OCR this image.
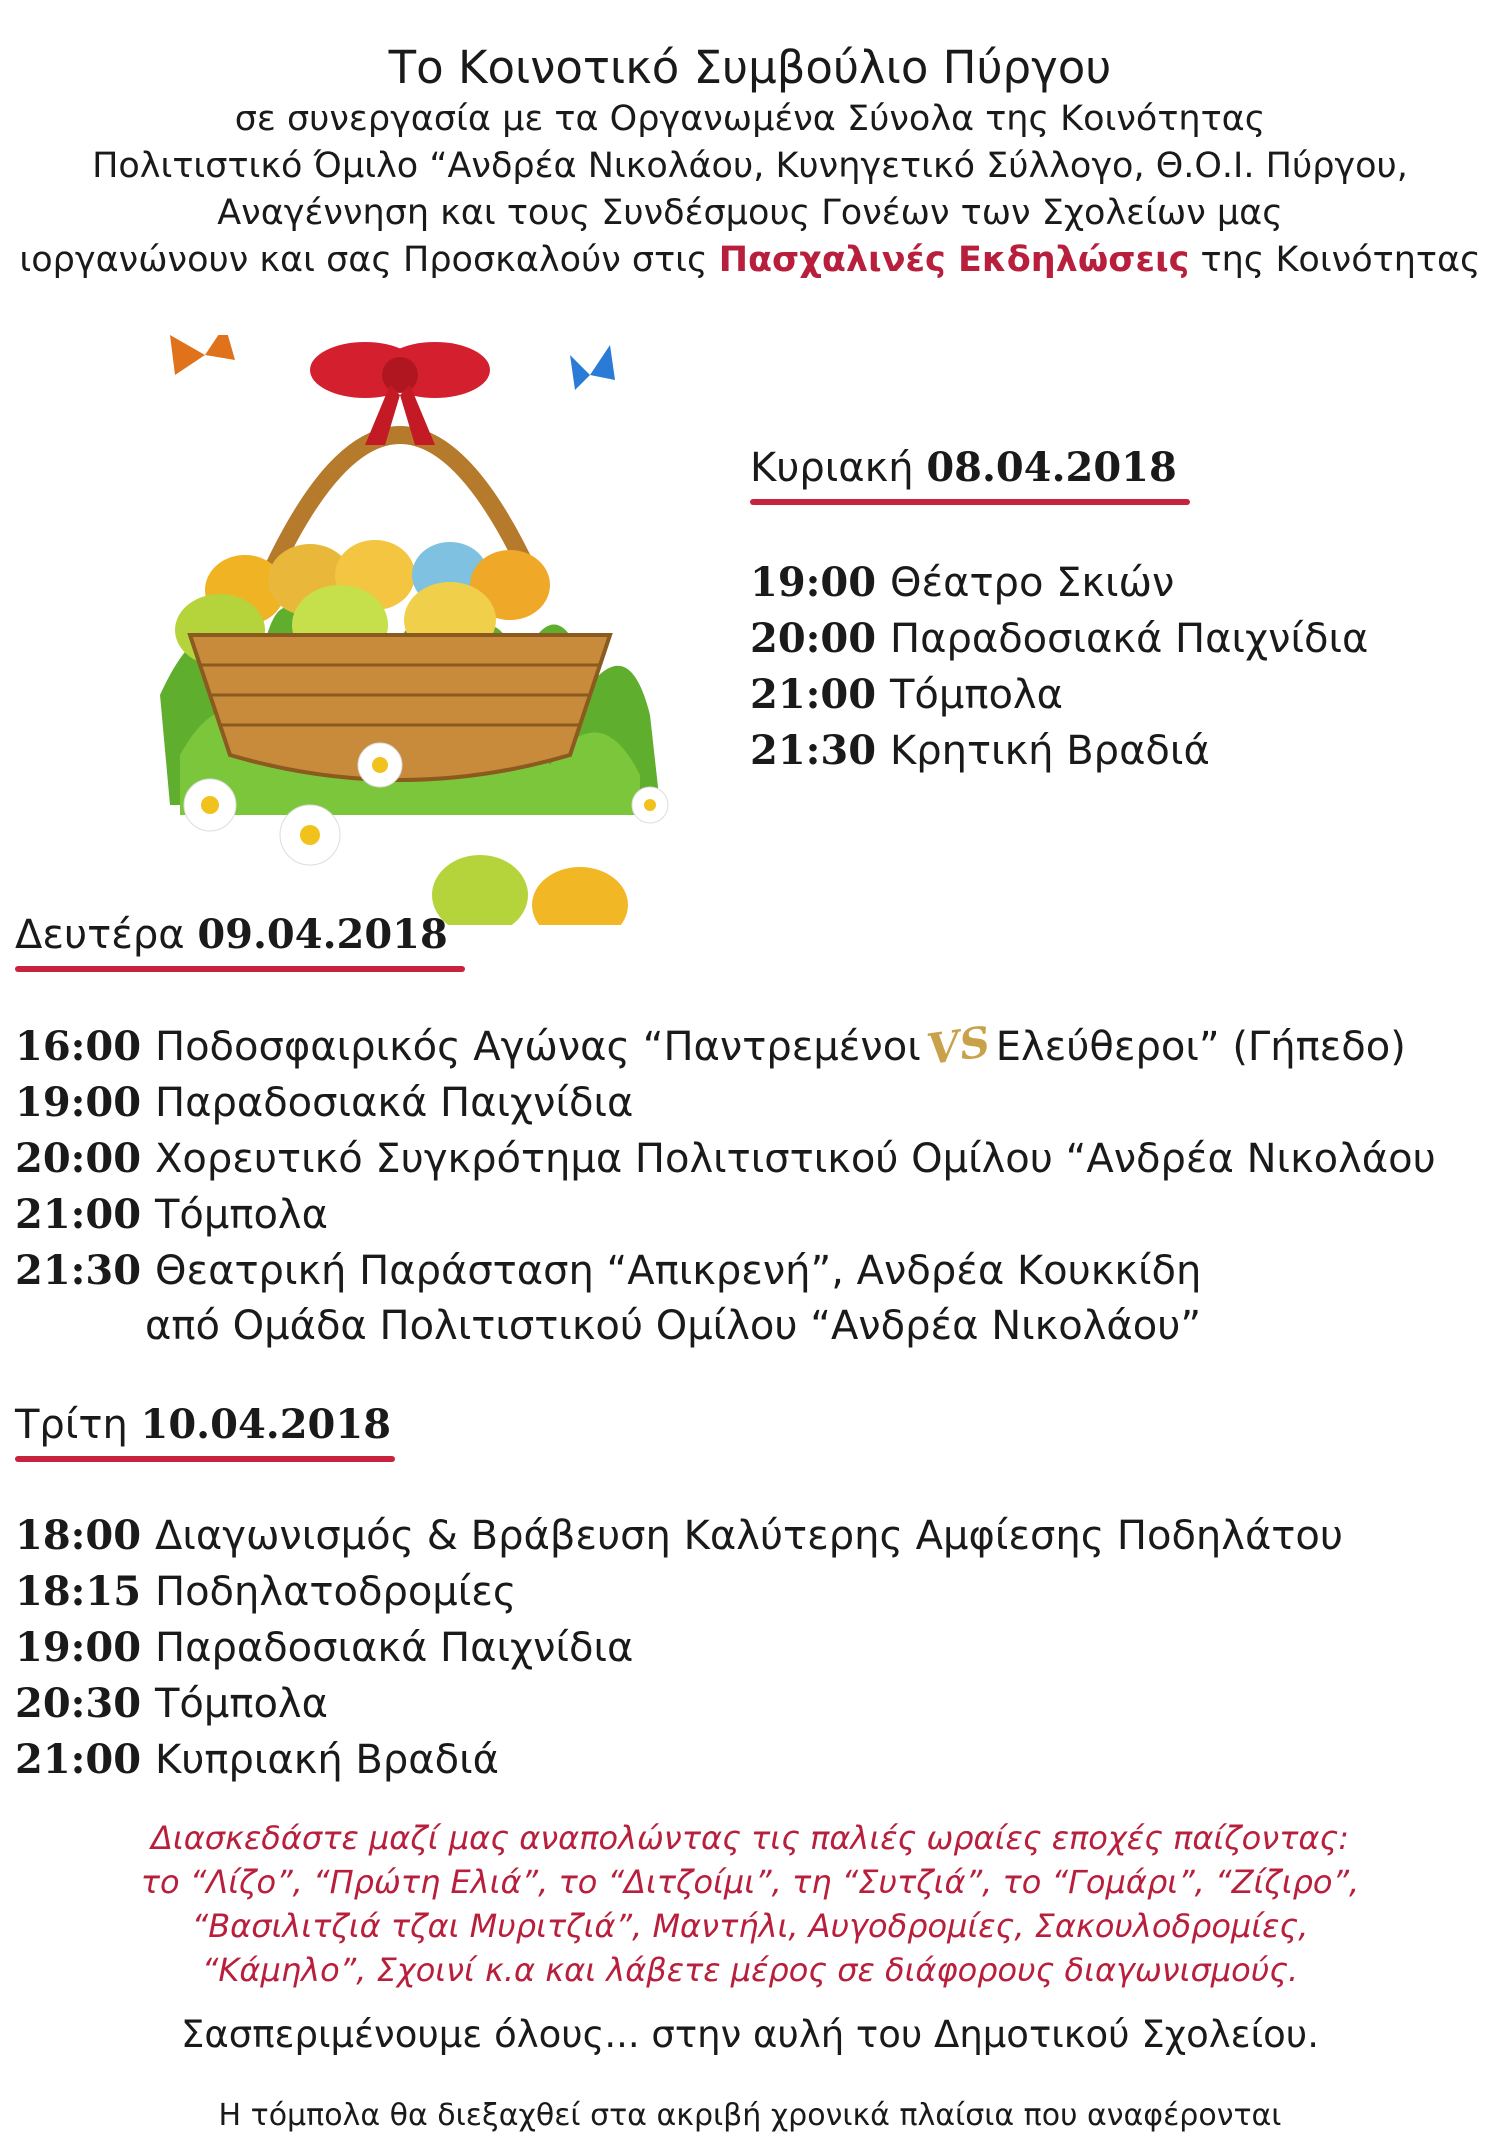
Το Κοινοτικό Συμβούλιο Πύργου
σε συνεργασία με τα Οργανωμένα Σύνολα της Κοινότητας
Πολιτιστικό Όμιλο “Ανδρέα Νικολάου, Κυνηγετικό Σύλλογο, Θ.Ο.Ι. Πύργου,
Αναγέννηση και τους Συνδέσμους Γονέων των Σχολείων μας
ιοργανώνουν και σας Προσκαλούν στις Πασχαλινές Εκδηλώσεις της Κοινότητας
Κυριακή 08.04.2018
19:00 Θέατρο Σκιών
20:00 Παραδοσιακά Παιχνίδια
21:00 Τόμπολα
21:30 Κρητική Βραδιά
Δευτέρα 09.04.2018
16:00 Ποδοσφαιρικός Αγώνας “ΠαντρεμένοιVSΕλεύθεροι” (Γήπεδο)
19:00 Παραδοσιακά Παιχνίδια
20:00 Χορευτικό Συγκρότημα Πολιτιστικού Ομίλου “Ανδρέα Νικολάου
21:00 Τόμπολα
21:30 Θεατρική Παράσταση “Απικρενή”, Ανδρέα Κουκκίδη
από Ομάδα Πολιτιστικού Ομίλου “Ανδρέα Νικολάου”
Τρίτη 10.04.2018
18:00 Διαγωνισμός & Βράβευση Καλύτερης Αμφίεσης Ποδηλάτου
18:15 Ποδηλατοδρομίες
19:00 Παραδοσιακά Παιχνίδια
20:30 Τόμπολα
21:00 Κυπριακή Βραδιά
Διασκεδάστε μαζί μας αναπολώντας τις παλιές ωραίες εποχές παίζοντας:
το “Λίζο”, “Πρώτη Ελιά”, το “Διτζοίμι”, τη “Συτζιά”, το “Γομάρι”, “Ζίζιρο”,
“Βασιλιτζιά τζαι Μυριτζιά”, Μαντήλι, Αυγοδρομίες, Σακουλοδρομίες,
“Κάμηλο”, Σχοινί κ.α και λάβετε μέρος σε διάφορους διαγωνισμούς.
Σασπεριμένουμε όλους... στην αυλή του Δημοτικού Σχολείου.
Η τόμπολα θα διεξαχθεί στα ακριβή χρονικά πλαίσια που αναφέρονται
